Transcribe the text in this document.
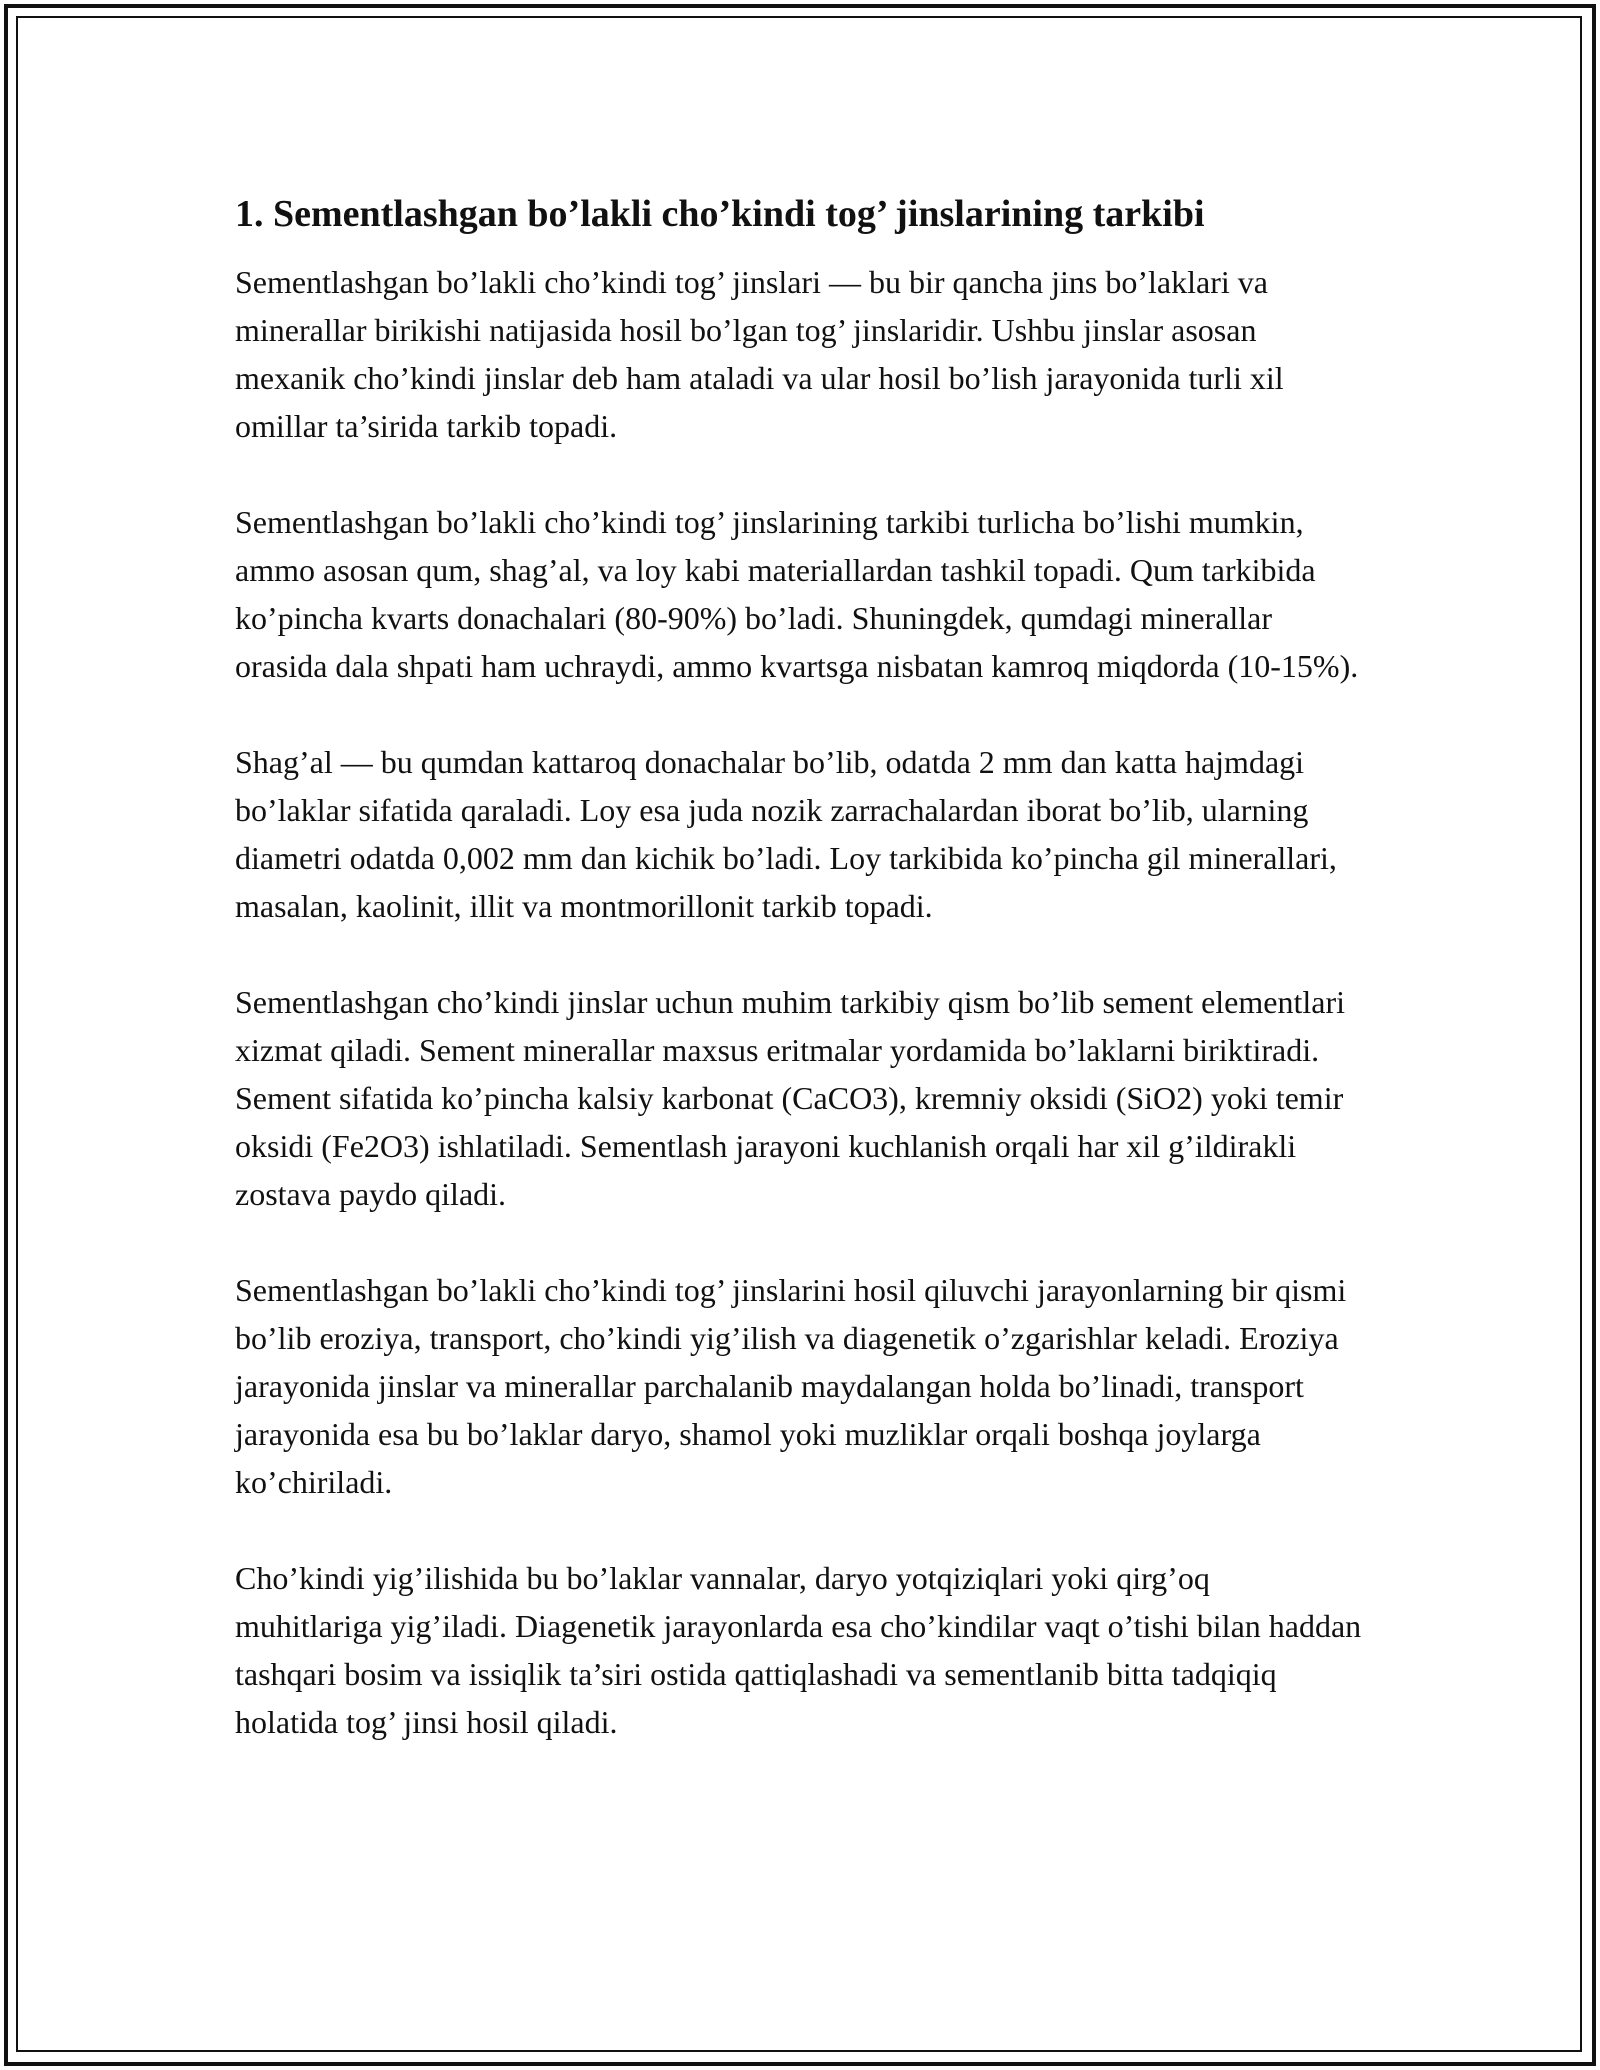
1. Sementlashgan bo’lakli cho’kindi tog’ jinslarining tarkibi

Sementlashgan bo’lakli cho’kindi tog’ jinslari — bu bir qancha jins bo’laklari va minerallar birikishi natijasida hosil bo’lgan tog’ jinslaridir. Ushbu jinslar asosan mexanik cho’kindi jinslar deb ham ataladi va ular hosil bo’lish jarayonida turli xil omillar ta’sirida tarkib topadi.

Sementlashgan bo’lakli cho’kindi tog’ jinslarining tarkibi turlicha bo’lishi mumkin, ammo asosan qum, shag’al, va loy kabi materiallardan tashkil topadi. Qum tarkibida ko’pincha kvarts donachalari (80-90%) bo’ladi. Shuningdek, qumdagi minerallar orasida dala shpati ham uchraydi, ammo kvartsga nisbatan kamroq miqdorda (10-15%).

Shag’al — bu qumdan kattaroq donachalar bo’lib, odatda 2 mm dan katta hajmdagi bo’laklar sifatida qaraladi. Loy esa juda nozik zarrachalardan iborat bo’lib, ularning diametri odatda 0,002 mm dan kichik bo’ladi. Loy tarkibida ko’pincha gil minerallari, masalan, kaolinit, illit va montmorillonit tarkib topadi.

Sementlashgan cho’kindi jinslar uchun muhim tarkibiy qism bo’lib sement elementlari xizmat qiladi. Sement minerallar maxsus eritmalar yordamida bo’laklarni biriktiradi. Sement sifatida ko’pincha kalsiy karbonat (CaCO3), kremniy oksidi (SiO2) yoki temir oksidi (Fe2O3) ishlatiladi. Sementlash jarayoni kuchlanish orqali har xil g’ildirakli zostava paydo qiladi.

Sementlashgan bo’lakli cho’kindi tog’ jinslarini hosil qiluvchi jarayonlarning bir qismi bo’lib eroziya, transport, cho’kindi yig’ilish va diagenetik o’zgarishlar keladi. Eroziya jarayonida jinslar va minerallar parchalanib maydalangan holda bo’linadi, transport jarayonida esa bu bo’laklar daryo, shamol yoki muzliklar orqali boshqa joylarga ko’chiriladi.

Cho’kindi yig’ilishida bu bo’laklar vannalar, daryo yotqiziqlari yoki qirg’oq muhitlariga yig’iladi. Diagenetik jarayonlarda esa cho’kindilar vaqt o’tishi bilan haddan tashqari bosim va issiqlik ta’siri ostida qattiqlashadi va sementlanib bitta tadqiqiq holatida tog’ jinsi hosil qiladi.
